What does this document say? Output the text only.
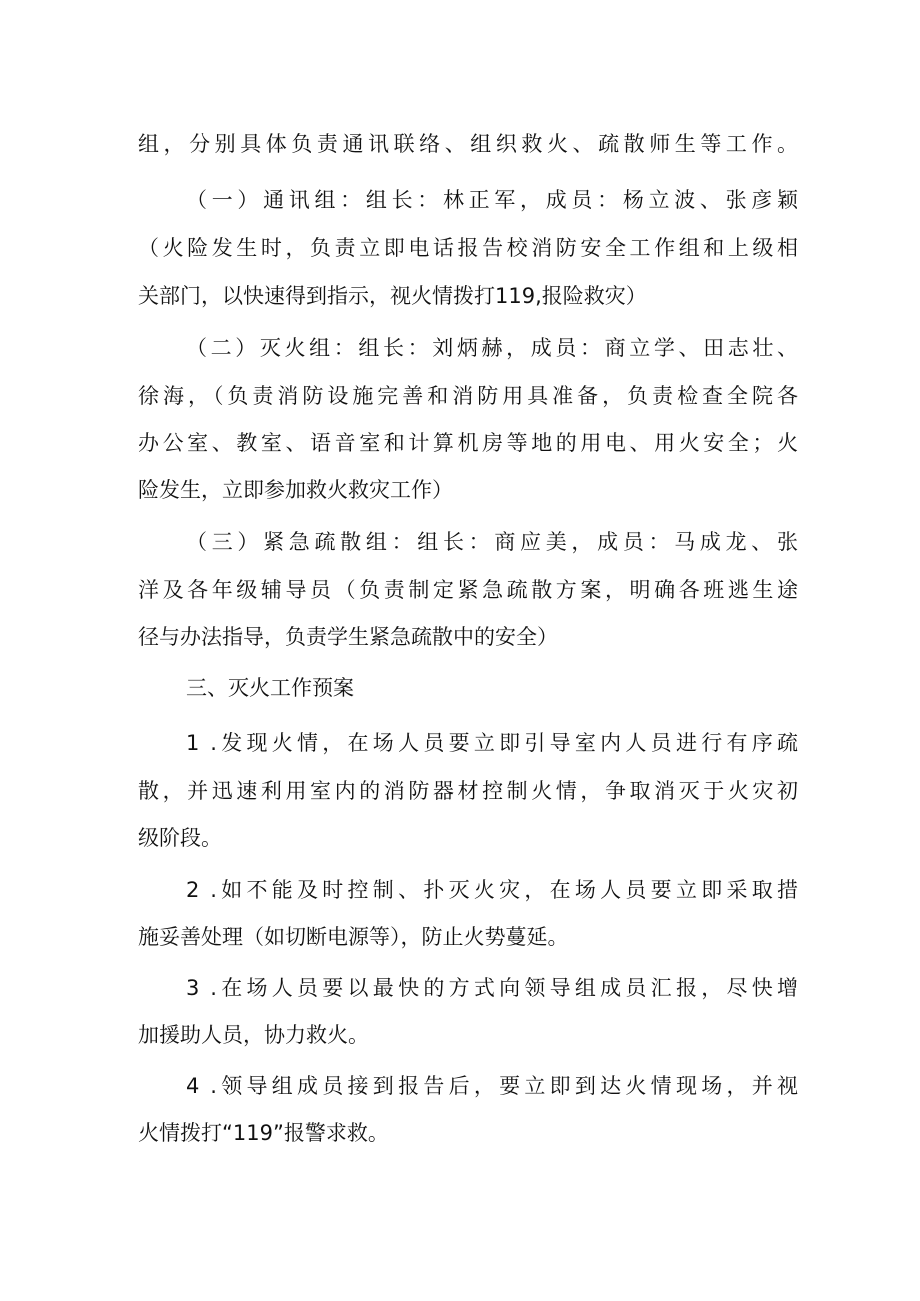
组，分别具体负责通讯联络、组织救火、疏散师生等工作。
（一）通讯组：组长：林正军，成员：杨立波、张彦颖
（火险发生时，负责立即电话报告校消防安全工作组和上级相
关部门，以快速得到指示，视火情拨打119,报险救灾）
（二）灭火组：组长：刘炳赫，成员：商立学、田志壮、
徐海，（负责消防设施完善和消防用具准备，负责检查全院各
办公室、教室、语音室和计算机房等地的用电、用火安全；火
险发生，立即参加救火救灾工作）
（三）紧急疏散组：组长：商应美，成员：马成龙、张
洋及各年级辅导员（负责制定紧急疏散方案，明确各班逃生途
径与办法指导，负责学生紧急疏散中的安全）
三、灭火工作预案
1 .发现火情，在场人员要立即引导室内人员进行有序疏
散，并迅速利用室内的消防器材控制火情，争取消灭于火灾初
级阶段。
2 .如不能及时控制、扑灭火灾，在场人员要立即采取措
施妥善处理（如切断电源等），防止火势蔓延。
3 .在场人员要以最快的方式向领导组成员汇报，尽快增
加援助人员，协力救火。
4 .领导组成员接到报告后，要立即到达火情现场，并视
火情拨打“119”报警求救。
